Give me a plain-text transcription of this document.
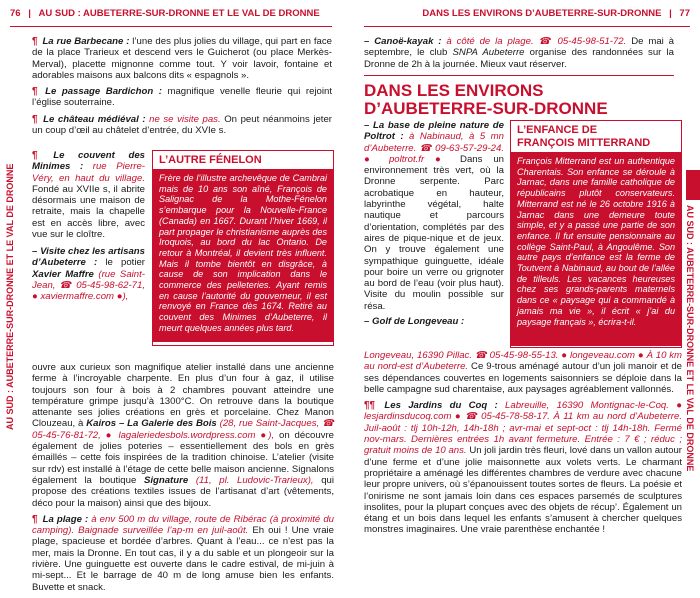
76 | AU SUD : AUBETERRE-SUR-DRONNE ET LE VAL DE DRONNE
AU SUD : AUBETERRE-SUR-DRONNE ET LE VAL DE DRONNE

¶ La rue Barbecane : l’une des plus jolies du village, qui part en face de la place Trarieux et descend vers le Guicherot (ou place Merkès-Merval), placette mignonne comme tout. Y voir lavoir, fontaine et adorables maisons aux balcons dits « espagnols ».

¶ Le passage Bardichon : magnifique venelle fleurie qui rejoint l’église souterraine.

¶ Le château médiéval : ne se visite pas. On peut néanmoins jeter un coup d’œil au châtelet d’entrée, du XVIe s.

¶ Le couvent des Minimes : rue Pierre-Véry, en haut du village. Fondé au XVIIe s, il abrite désormais une maison de retraite, mais la chapelle est en accès libre, avec vue sur le cloître.

L’AUTRE FÉNELON
Frère de l’illustre archevêque de Cambrai mais de 10 ans son aîné, François de Salignac de la Mothe-Fénelon s’embarque pour la Nouvelle-France (Canada) en 1667. Durant l’hiver 1669, il part propager le christianisme auprès des Iroquois, au bord du lac Ontario. De retour à Montréal, il devient très influent. Mais il tombe bientôt en disgrâce, à cause de son implication dans le commerce des pelleteries. Ayant remis en cause l’autorité du gouverneur, il est renvoyé en France dès 1674. Retiré au couvent des Minimes d’Aubeterre, il meurt quelques années plus tard.

– Visite chez les artisans d’Aubeterre : le potier Xavier Maffre (rue Saint-Jean, ☎ 05-45-98-62-71, ● xaviermaffre.com ●),

ouvre aux curieux son magnifique atelier installé dans une ancienne ferme à l’incroyable charpente. En plus d’un four à gaz, il utilise toujours son four à bois à 2 chambres pouvant atteindre une température grimpe jusqu’à 1300°C. On retrouve dans la boutique attenante ses jolies créations en grès et porcelaine. Chez Manon Clouzeau, à Kairos – La Galerie des Bois (28, rue Saint-Jacques, ☎ 05-45-76-81-72, ● lagaleriedesbols.wordpress.com ●), on découvre également de jolies poteries – essentiellement des bols en grès émaillés – cette fois inspirées de la tradition chinoise. L’atelier (visite sur rdv) est installé à l’étage de cette belle maison ancienne. Signalons également la boutique Signature (11, pl. Ludovic-Trarieux), qui propose des créations textiles issues de l’artisanat d’art (vêtements, déco pour la maison) ainsi que des bijoux.

¶ La plage : à env 500 m du village, route de Ribérac (à proximité du camping). Baignade surveillée l’ap-m en juil-août. Eh oui ! Une vraie plage, spacieuse et bordée d’arbres. Quant à l’eau... ce n’est pas la mer, mais la Dronne. En tout cas, il y a du sable et un plongeoir sur la rivière. Une guinguette est ouverte dans le cadre estival, de mi-juin à mi-sept... Et le barrage de 40 m de long amuse bien les enfants. Buvette et snack.

DANS LES ENVIRONS D’AUBETERRE-SUR-DRONNE | 77
AU SUD : AUBETERRE-SUR-DRONNE ET LE VAL DE DRONNE

– Canoë-kayak : à côté de la plage. ☎ 05-45-98-51-72. De mai à septembre, le club SNPA Aubeterre organise des randonnées sur la Dronne de 2h à la journée. Mieux vaut réserver.

DANS LES ENVIRONS
D’AUBETERRE-SUR-DRONNE

– La base de pleine nature de Poltrot : à Nabinaud, à 5 mn d’Aubeterre. ☎ 09-63-57-29-24. ● poltrot.fr ● Dans un environnement très vert, où la Dronne serpente. Parc acrobatique en hauteur, labyrinthe végétal, halte nautique et parcours d’orientation, complétés par des aires de pique-nique et de jeux. On y trouve également une sympathique guinguette, idéale pour boire un verre ou grignoter au bord de l’eau (voir plus haut). Visite du moulin possible sur résa.

L’ENFANCE DE
FRANÇOIS MITTERRAND
François Mitterrand est un authentique Charentais. Son enfance se déroule à Jarnac, dans une famille catholique de républicains plutôt conservateurs. Mitterrand est né le 26 octobre 1916 à Jarnac dans une demeure toute simple, et y a passé une partie de son enfance. Il fut ensuite pensionnaire au collège Saint-Paul, à Angoulême. Son autre pays d’enfance est la ferme de Toutvent à Nabinaud, au bout de l’allée de tilleuls. Les vacances heureuses chez ses grands-parents maternels dans ce « paysage qui a commandé à jamais ma vie », il écrit « j’ai du paysage français », écrira-t-il.

– Golf de Longeveau :

Longeveau, 16390 Pillac. ☎ 05-45-98-55-13. ● longeveau.com ● À 10 km au nord-est d’Aubeterre. Ce 9-trous aménagé autour d’un joli manoir et de ses dépendances couvertes en logements saisonniers se déploie dans la belle campagne sud charentaise, aux paysages agréablement vallonnés.

¶¶ Les Jardins du Coq : Labreuille, 16390 Montignac-le-Coq. ● lesjardinsducoq.com ● ☎ 05-45-78-58-17. À 11 km au nord d’Aubeterre. Juil-août : tlj 10h-12h, 14h-18h ; avr-mai et sept-oct : tlj 14h-18h. Fermé nov-mars. Dernières entrées 1h avant fermeture. Entrée : 7 € ; réduc ; gratuit moins de 10 ans. Un joli jardin très fleuri, lové dans un vallon autour d’une ferme et d’une jolie maisonnette aux volets verts. Le charmant propriétaire a aménagé les différentes chambres de verdure avec chacune leur propre univers, où s’épanouissent toutes sortes de fleurs. La poésie et l’onirisme ne sont jamais loin dans ces espaces parsemés de sculptures insolites, pour la plupart conçues avec des objets de récup’. Également un étang et un bois dans lequel les enfants s’amusent à chercher quelques monstres imaginaires. Une vraie parenthèse enchantée !
